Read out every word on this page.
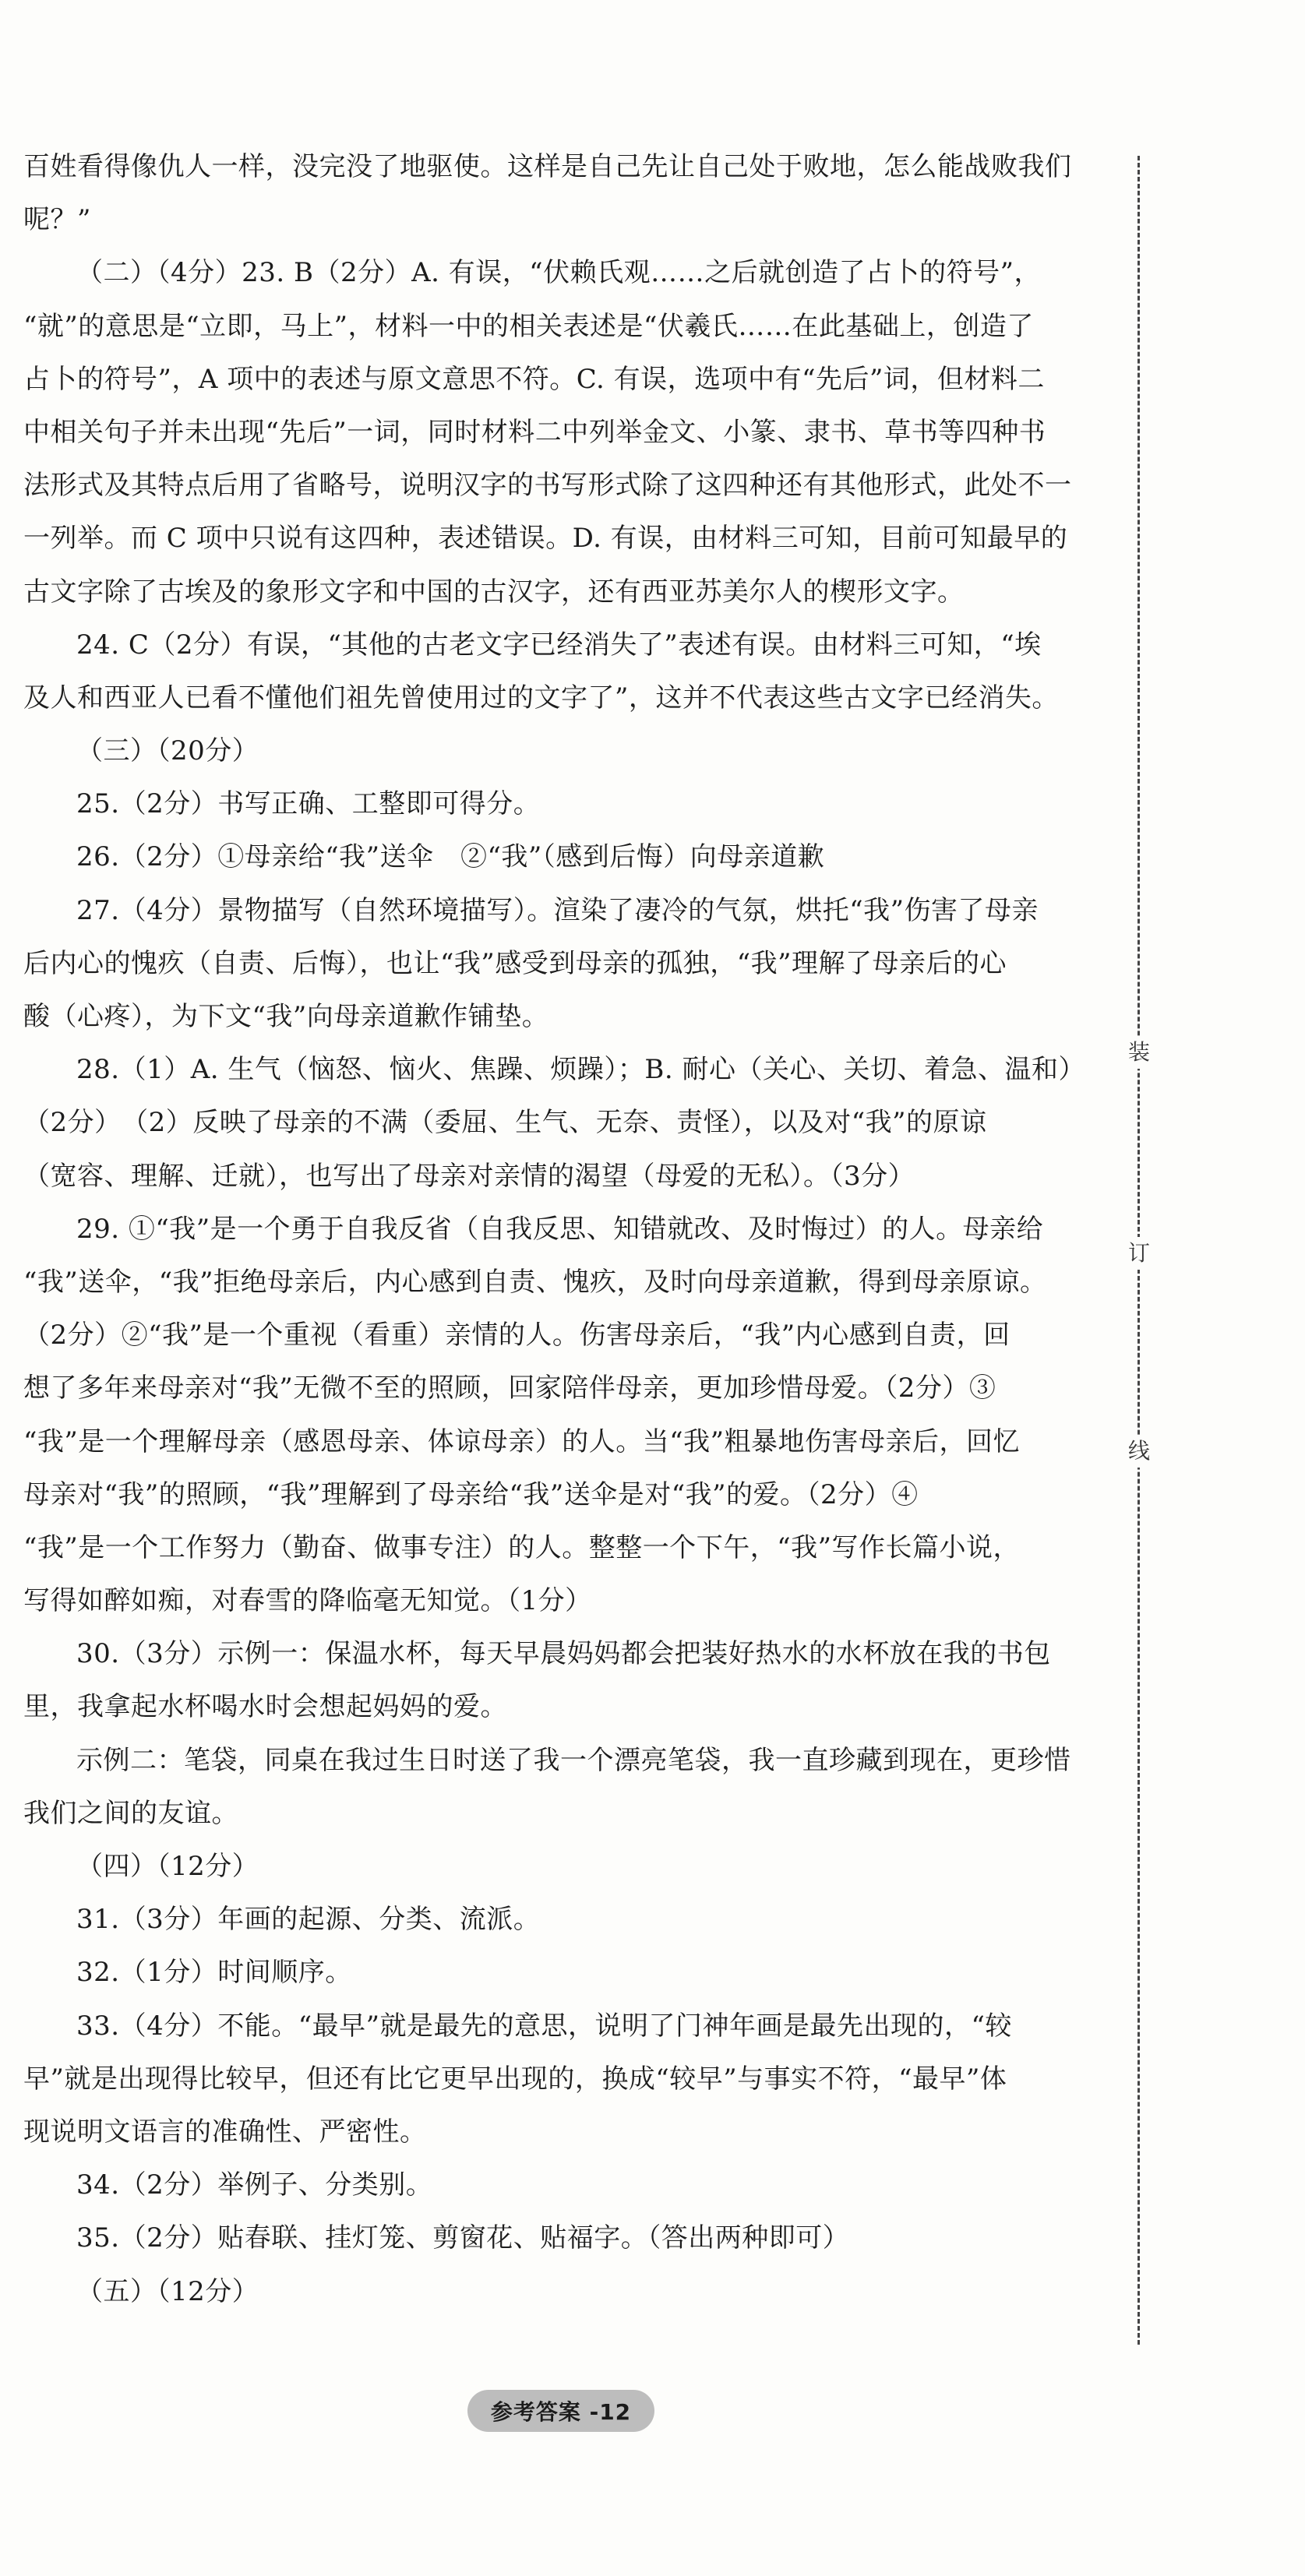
百姓看得像仇人一样，没完没了地驱使。这样是自己先让自己处于败地，怎么能战败我们
呢？”
（二）（4分）23. B（2分）A. 有误，“伏赖氏观……之后就创造了占卜的符号”，
“就”的意思是“立即，马上”，材料一中的相关表述是“伏羲氏……在此基础上，创造了
占卜的符号”，A 项中的表述与原文意思不符。C. 有误，选项中有“先后”词，但材料二
中相关句子并未出现“先后”一词，同时材料二中列举金文、小篆、隶书、草书等四种书
法形式及其特点后用了省略号，说明汉字的书写形式除了这四种还有其他形式，此处不一
一列举。而 C 项中只说有这四种，表述错误。D. 有误，由材料三可知，目前可知最早的
古文字除了古埃及的象形文字和中国的古汉字，还有西亚苏美尔人的楔形文字。
24. C（2分）有误，“其他的古老文字已经消失了”表述有误。由材料三可知，“埃
及人和西亚人已看不懂他们祖先曾使用过的文字了”，这并不代表这些古文字已经消失。
（三）（20分）
25.（2分）书写正确、工整即可得分。
26.（2分）①母亲给“我”送伞　②“我”（感到后悔）向母亲道歉
27.（4分）景物描写（自然环境描写）。渲染了凄冷的气氛，烘托“我”伤害了母亲
后内心的愧疚（自责、后悔），也让“我”感受到母亲的孤独，“我”理解了母亲后的心
酸（心疼），为下文“我”向母亲道歉作铺垫。
28.（1）A. 生气（恼怒、恼火、焦躁、烦躁）；B. 耐心（关心、关切、着急、温和）
（2分）　（2）反映了母亲的不满（委屈、生气、无奈、责怪），以及对“我”的原谅
（宽容、理解、迁就），也写出了母亲对亲情的渴望（母爱的无私）。（3分）
29. ①“我”是一个勇于自我反省（自我反思、知错就改、及时悔过）的人。母亲给
“我”送伞，“我”拒绝母亲后，内心感到自责、愧疚，及时向母亲道歉，得到母亲原谅。
（2分）②“我”是一个重视（看重）亲情的人。伤害母亲后，“我”内心感到自责，回
想了多年来母亲对“我”无微不至的照顾，回家陪伴母亲，更加珍惜母爱。（2分）③
“我”是一个理解母亲（感恩母亲、体谅母亲）的人。当“我”粗暴地伤害母亲后，回忆
母亲对“我”的照顾，“我”理解到了母亲给“我”送伞是对“我”的爱。（2分）④
“我”是一个工作努力（勤奋、做事专注）的人。整整一个下午，“我”写作长篇小说，
写得如醉如痴，对春雪的降临毫无知觉。（1分）
30.（3分）示例一：保温水杯，每天早晨妈妈都会把装好热水的水杯放在我的书包
里，我拿起水杯喝水时会想起妈妈的爱。
示例二：笔袋，同桌在我过生日时送了我一个漂亮笔袋，我一直珍藏到现在，更珍惜
我们之间的友谊。
（四）（12分）
31.（3分）年画的起源、分类、流派。
32.（1分）时间顺序。
33.（4分）不能。“最早”就是最先的意思，说明了门神年画是最先出现的，“较
早”就是出现得比较早，但还有比它更早出现的，换成“较早”与事实不符，“最早”体
现说明文语言的准确性、严密性。
34.（2分）举例子、分类别。
35.（2分）贴春联、挂灯笼、剪窗花、贴福字。（答出两种即可）
（五）（12分）
装
订
线
参考答案 -12
